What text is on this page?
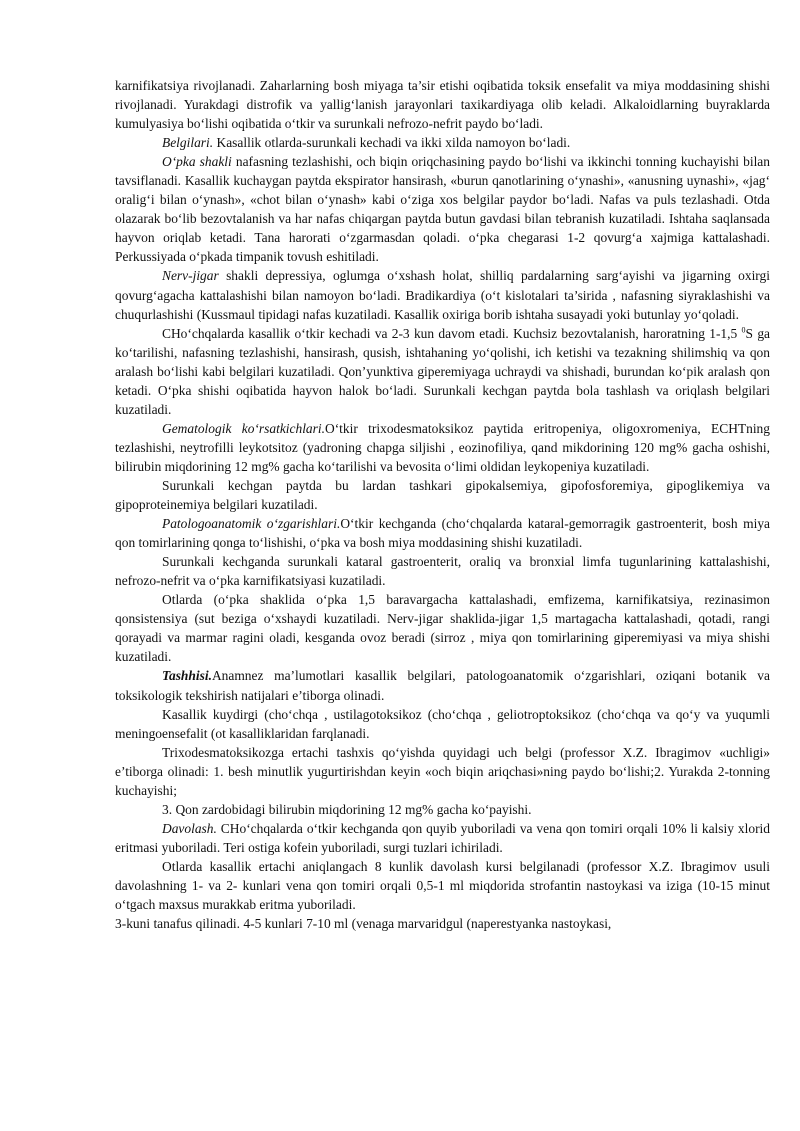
karnifikatsiya rivojlanadi. Zaharlarning bosh miyaga ta’sir etishi oqibatida toksik ensefalit va miya moddasining shishi rivojlanadi. Yurakdagi distrofik va yallig‘lanish jarayonlari taxikardiyaga olib keladi. Alkaloidlarning buyraklarda kumulyasiya bo‘lishi oqibatida o‘tkir va surunkali nefrozo-nefrit paydo bo‘ladi.

Belgilari. Kasallik otlarda-surunkali kechadi va ikki xilda namoyon bo‘ladi.

O‘pka shakli nafasning tezlashishi, och biqin oriqchasining paydo bo‘lishi va ikkinchi tonning kuchayishi bilan tavsiflanadi. Kasallik kuchaygan paytda ekspirator hansirash, «burun qanotlarining o‘ynashi», «anusning uynashi», «jag‘ oralig‘i bilan o‘ynash», «chot bilan o‘ynash» kabi o‘ziga xos belgilar paydor bo‘ladi. Nafas va puls tezlashadi. Otda olazarak bo‘lib bezovtalanish va har nafas chiqargan paytda butun gavdasi bilan tebranish kuzatiladi. Ishtaha saqlansada hayvon oriqlab ketadi. Tana harorati o‘zgarmasdan qoladi. o‘pka chegarasi 1-2 qovurg‘a xajmiga kattalashadi. Perkussiyada o‘pkada timpanik tovush eshitiladi.

Nerv-jigar shakli depressiya, oglumga o‘xshash holat, shilliq pardalarning sarg‘ayishi va jigarning oxirgi qovurg‘agacha kattalashishi bilan namoyon bo‘ladi. Bradikardiya (o‘t kislotalari ta’sirida , nafasning siyraklashishi va chuqurlashishi (Kussmaul tipidagi nafas kuzatiladi. Kasallik oxiriga borib ishtaha susayadi yoki butunlay yo‘qoladi.

CHo‘chqalarda kasallik o‘tkir kechadi va 2-3 kun davom etadi. Kuchsiz bezovtalanish, haroratning 1-1,5 $^0$S ga ko‘tarilishi, nafasning tezlashishi, hansirash, qusish, ishtahaning yo‘qolishi, ich ketishi va tezakning shilimshiq va qon aralash bo‘lishi kabi belgilari kuzatiladi. Qon’yunktiva giperemiyaga uchraydi va shishadi, burundan ko‘pik aralash qon ketadi. O‘pka shishi oqibatida hayvon halok bo‘ladi. Surunkali kechgan paytda bola tashlash va oriqlash belgilari kuzatiladi.

Gematologik ko‘rsatkichlari.O‘tkir trixodesmatoksikoz paytida eritropeniya, oligoxromeniya, ECHTning tezlashishi, neytrofilli leykotsitoz (yadroning chapga siljishi , eozinofiliya, qand mikdorining 120 mg% gacha oshishi, bilirubin miqdorining 12 mg% gacha ko‘tarilishi va bevosita o‘limi oldidan leykopeniya kuzatiladi.

Surunkali kechgan paytda bu lardan tashkari gipokalsemiya, gipofosforemiya, gipoglikemiya va gipoproteinemiya belgilari kuzatiladi.

Patologoanatomik o‘zgarishlari.O‘tkir kechganda (cho‘chqalarda kataral-gemorragik gastroenterit, bosh miya qon tomirlarining qonga to‘lishishi, o‘pka va bosh miya moddasining shishi kuzatiladi.

Surunkali kechganda surunkali kataral gastroenterit, oraliq va bronxial limfa tugunlarining kattalashishi, nefrozo-nefrit va o‘pka karnifikatsiyasi kuzatiladi.

Otlarda (o‘pka shaklida o‘pka 1,5 baravargacha kattalashadi, emfizema, karnifikatsiya, rezinasimon qonsistensiya (sut beziga o‘xshaydi kuzatiladi. Nerv-jigar shaklida-jigar 1,5 martagacha kattalashadi, qotadi, rangi qorayadi va marmar ragini oladi, kesganda ovoz beradi (sirroz , miya qon tomirlarining giperemiyasi va miya shishi kuzatiladi.

Tashhisi.Anamnez ma’lumotlari kasallik belgilari, patologoanatomik o‘zgarishlari, oziqani botanik va toksikologik tekshirish natijalari e’tiborga olinadi.

Kasallik kuydirgi (cho‘chqa , ustilagotoksikoz (cho‘chqa , geliotroptoksikoz (cho‘chqa va qo‘y va yuqumli meningoensefalit (ot kasalliklaridan farqlanadi.

Trixodesmatoksikozga ertachi tashxis qo‘yishda quyidagi uch belgi (professor X.Z. Ibragimov «uchligi» e’tiborga olinadi: 1. besh minutlik yugurtirishdan keyin «och biqin ariqchasi»ning paydo bo‘lishi;2. Yurakda 2-tonning kuchayishi;

3. Qon zardobidagi bilirubin miqdorining 12 mg% gacha ko‘payishi.

Davolash. CHo‘chqalarda o‘tkir kechganda qon quyib yuboriladi va vena qon tomiri orqali 10% li kalsiy xlorid eritmasi yuboriladi. Teri ostiga kofein yuboriladi, surgi tuzlari ichiriladi.

Otlarda kasallik ertachi aniqlangach 8 kunlik davolash kursi belgilanadi (professor X.Z. Ibragimov usuli davolashning 1- va 2- kunlari vena qon tomiri orqali 0,5-1 ml miqdorida strofantin nastoykasi va iziga (10-15 minut o‘tgach maxsus murakkab eritma yuboriladi.

3-kuni tanafus qilinadi. 4-5 kunlari 7-10 ml (venaga marvaridgul (naperestyanka nastoykasi,
